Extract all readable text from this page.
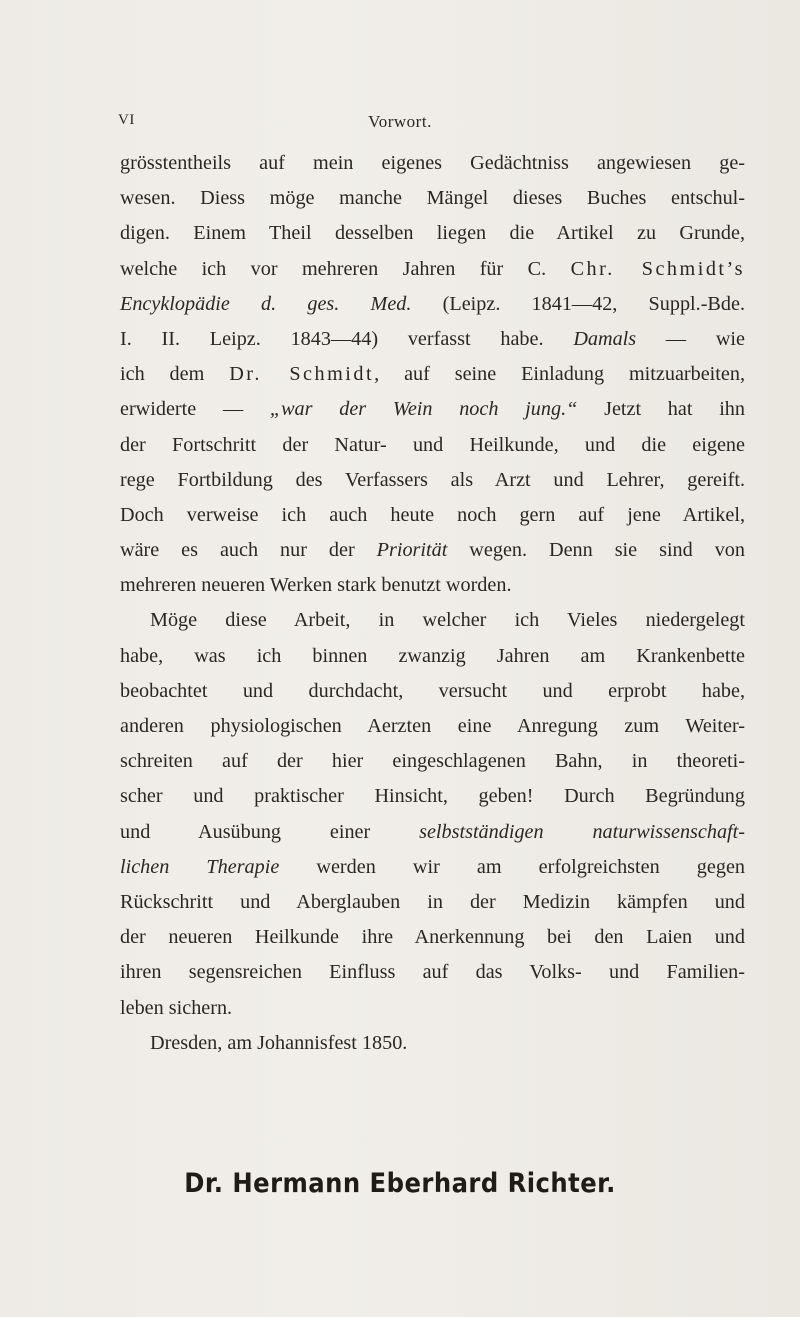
VI	Vorwort.
grösstentheils auf mein eigenes Gedächtniss angewiesen ge-
wesen. Diess möge manche Mängel dieses Buches entschul-
digen. Einem Theil desselben liegen die Artikel zu Grunde,
welche ich vor mehreren Jahren für C. Chr. Schmidt’s
Encyklopädie d. ges. Med. (Leipz. 1841—42, Suppl.-Bde.
I. II. Leipz. 1843—44) verfasst habe. Damals — wie
ich dem Dr. Schmidt, auf seine Einladung mitzuarbeiten,
erwiderte — „war der Wein noch jung.“ Jetzt hat ihn
der Fortschritt der Natur- und Heilkunde, und die eigene
rege Fortbildung des Verfassers als Arzt und Lehrer, gereift.
Doch verweise ich auch heute noch gern auf jene Artikel,
wäre es auch nur der Priorität wegen. Denn sie sind von
mehreren neueren Werken stark benutzt worden.
Möge diese Arbeit, in welcher ich Vieles niedergelegt
habe, was ich binnen zwanzig Jahren am Krankenbette
beobachtet und durchdacht, versucht und erprobt habe,
anderen physiologischen Aerzten eine Anregung zum Weiter-
schreiten auf der hier eingeschlagenen Bahn, in theoreti-
scher und praktischer Hinsicht, geben! Durch Begründung
und Ausübung einer selbstständigen naturwissenschaft-
lichen Therapie werden wir am erfolgreichsten gegen
Rückschritt und Aberglauben in der Medizin kämpfen und
der neueren Heilkunde ihre Anerkennung bei den Laien und
ihren segensreichen Einfluss auf das Volks- und Familien-
leben sichern.
Dresden, am Johannisfest 1850.
Dr. Hermann Eberhard Richter.
